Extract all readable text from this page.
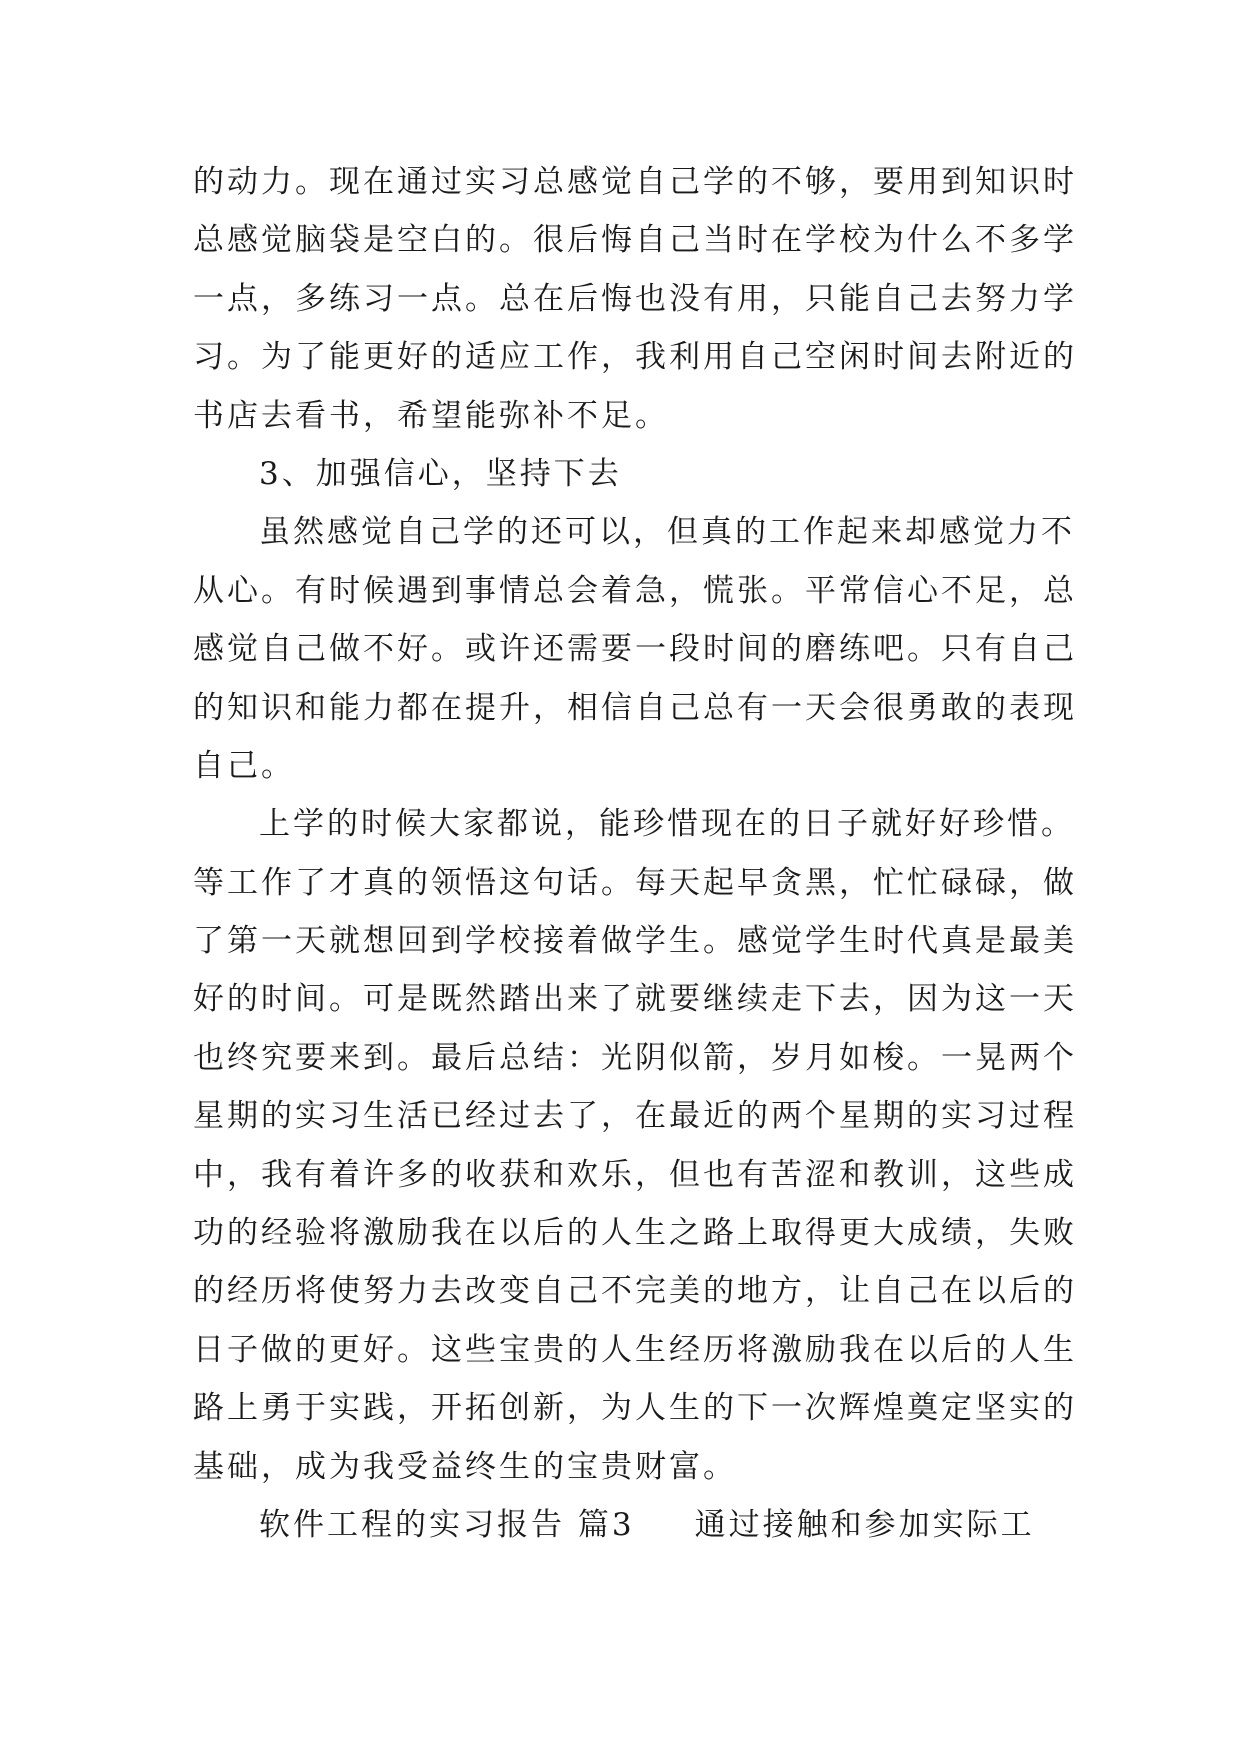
的动力。现在通过实习总感觉自己学的不够，要用到知识时
总感觉脑袋是空白的。很后悔自己当时在学校为什么不多学
一点，多练习一点。总在后悔也没有用，只能自己去努力学
习。为了能更好的适应工作，我利用自己空闲时间去附近的
书店去看书，希望能弥补不足。
3、加强信心，坚持下去
虽然感觉自己学的还可以，但真的工作起来却感觉力不
从心。有时候遇到事情总会着急，慌张。平常信心不足，总
感觉自己做不好。或许还需要一段时间的磨练吧。只有自己
的知识和能力都在提升，相信自己总有一天会很勇敢的表现
自己。
上学的时候大家都说，能珍惜现在的日子就好好珍惜。
等工作了才真的领悟这句话。每天起早贪黑，忙忙碌碌，做
了第一天就想回到学校接着做学生。感觉学生时代真是最美
好的时间。可是既然踏出来了就要继续走下去，因为这一天
也终究要来到。最后总结：光阴似箭，岁月如梭。一晃两个
星期的实习生活已经过去了，在最近的两个星期的实习过程
中，我有着许多的收获和欢乐，但也有苦涩和教训，这些成
功的经验将激励我在以后的人生之路上取得更大成绩，失败
的经历将使努力去改变自己不完美的地方，让自己在以后的
日子做的更好。这些宝贵的人生经历将激励我在以后的人生
路上勇于实践，开拓创新，为人生的下一次辉煌奠定坚实的
基础，成为我受益终生的宝贵财富。
软件工程的实习报告 篇3 通过接触和参加实际工
